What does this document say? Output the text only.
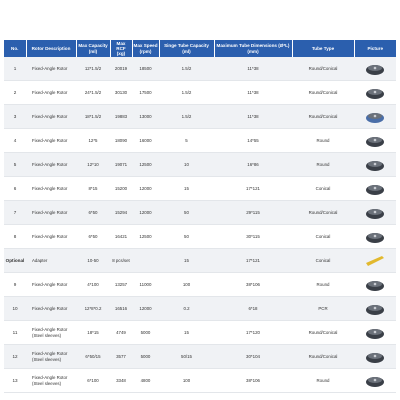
No.	Rotor Description	Max Capacity (ml)	Max RCF (xg)	Max Speed (rpm)	Singe Tube Capacity (ml)	Maximum Tube Dimensions (Ø*L)(mm)	Tube Type	Picture
1	Fixed-Angle Rotor	12*1.5/2	20019	18500	1.5/2	11*38	Round/Conical	
2	Fixed-Angle Rotor	24*1.5/2	30130	17500	1.5/2	11*38	Round/Conical	
3	Fixed-Angle Rotor	18*1.5/2	19883	13000	1.5/2	11*38	Round/Conical	
4	Fixed-Angle Rotor	12*5	18090	16000	5	14*55	Round	
5	Fixed-Angle Rotor	12*10	19071	12500	10	16*86	Round	
6	Fixed-Angle Rotor	8*15	15200	12000	15	17*121	Conical	
7	Fixed-Angle Rotor	6*50	15294	12000	50	29*115	Round/Conical	
8	Fixed-Angle Rotor	6*50	16421	12500	50	30*115	Conical	
Optional	Adapter	10-50	8 pcs/set		15	17*121	Conical	
9	Fixed-Angle Rotor	4*100	13257	11000	100	38*106	Round	
10	Fixed-Angle Rotor	12*8*0.2	16516	12000	0.2	6*18	PCR	
11	Fixed-Angle Rotor (Steel sleeves)	18*15	4749	5000	15	17*120	Round/Conical	
12	Fixed-Angle Rotor (Steel sleeves)	6*50/15	3577	5000	50/15	30*104	Round/Conical	
13	Fixed-Angle Rotor (Steel sleeves)	6*100	3348	4800	100	38*106	Round	
